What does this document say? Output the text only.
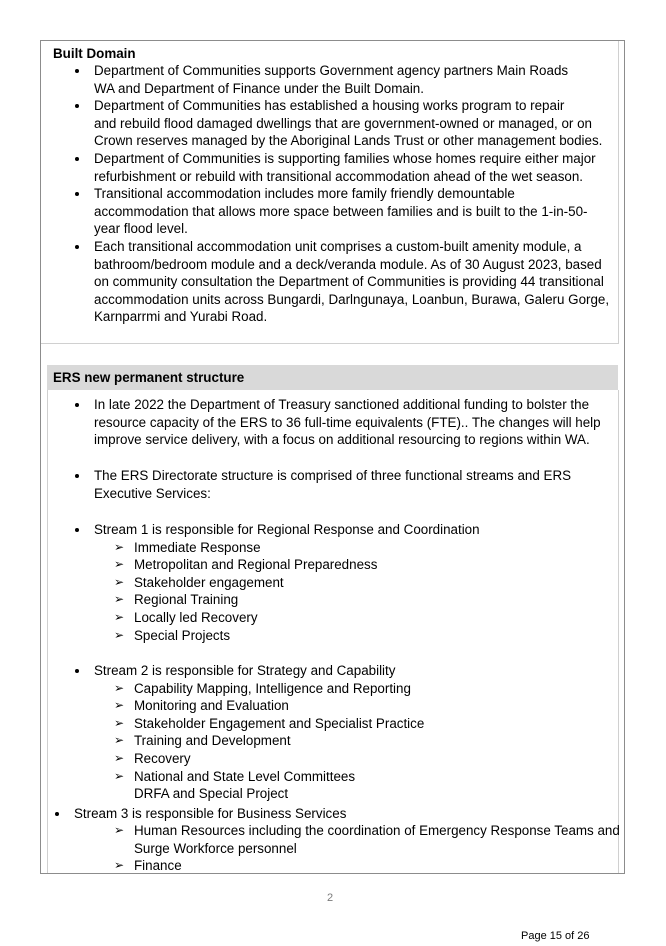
Built Domain
Department of Communities supports Government agency partners Main Roads
WA and Department of Finance under the Built Domain.
Department of Communities has established a housing works program to repair
and rebuild flood damaged dwellings that are government-owned or managed, or on
Crown reserves managed by the Aboriginal Lands Trust or other management bodies.
Department of Communities is supporting families whose homes require either major
refurbishment or rebuild with transitional accommodation ahead of the wet season.
Transitional accommodation includes more family friendly demountable
accommodation that allows more space between families and is built to the 1-in-50-
year flood level.
Each transitional accommodation unit comprises a custom-built amenity module, a
bathroom/bedroom module and a deck/veranda module. As of 30 August 2023, based
on community consultation the Department of Communities is providing 44 transitional
accommodation units across Bungardi, Darlngunaya, Loanbun, Burawa, Galeru Gorge,
Karnparrmi and Yurabi Road.
ERS new permanent structure
In late 2022 the Department of Treasury sanctioned additional funding to bolster the
resource capacity of the ERS to 36 full-time equivalents (FTE).. The changes will help
improve service delivery, with a focus on additional resourcing to regions within WA.
The ERS Directorate structure is comprised of three functional streams and ERS
Executive Services:
Stream 1 is responsible for Regional Response and Coordination
➢ Immediate Response
➢ Metropolitan and Regional Preparedness
➢ Stakeholder engagement
➢ Regional Training
➢ Locally led Recovery
➢ Special Projects
Stream 2 is responsible for Strategy and Capability
➢ Capability Mapping, Intelligence and Reporting
➢ Monitoring and Evaluation
➢ Stakeholder Engagement and Specialist Practice
➢ Training and Development
➢ Recovery
➢ National and State Level Committees
DRFA and Special Project
Stream 3 is responsible for Business Services
➢ Human Resources including the coordination of Emergency Response Teams and
Surge Workforce personnel
➢ Finance
2
Page 15 of 26
